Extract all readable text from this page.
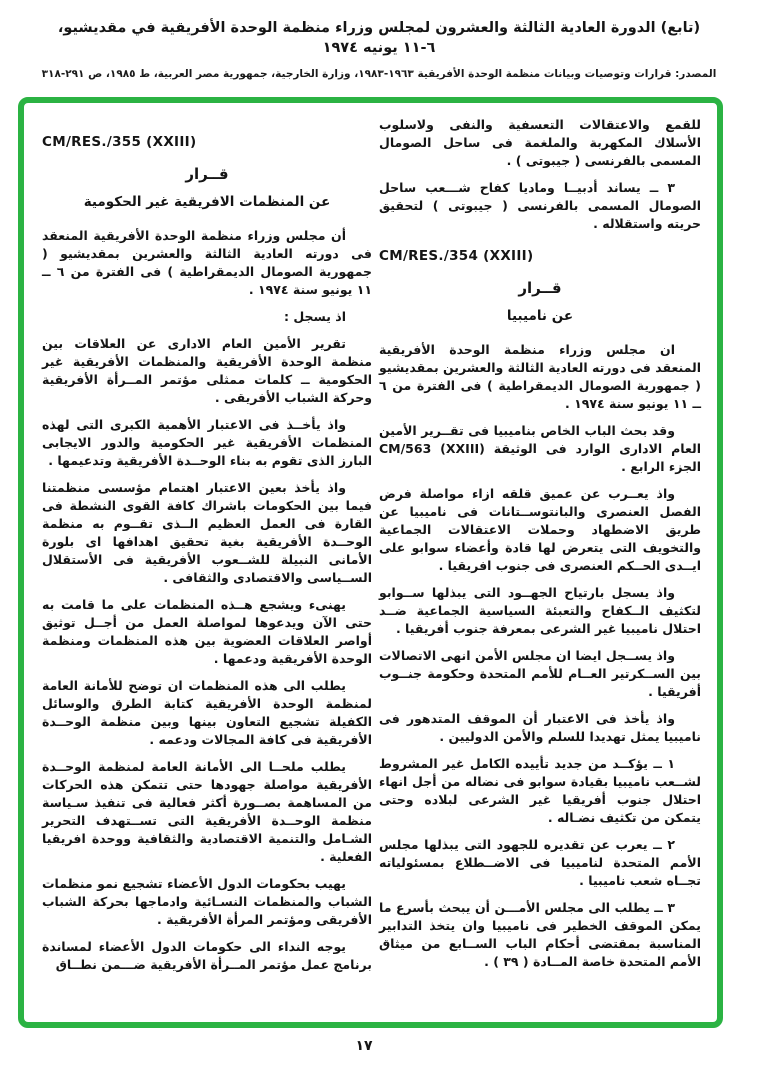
(تابع) الدورة العادية الثالثة والعشرون لمجلس وزراء منظمة الوحدة الأفريقية في مقديشيو، ٦-١١ يونيه ١٩٧٤
المصدر: قرارات وتوصيات وبيانات منظمة الوحدة الأفريقية ١٩٦٣-١٩٨٣، وزارة الخارجية، جمهورية مصر العربية، ط ١٩٨٥، ص ٢٩١-٣١٨

للقمع والاعتقالات التعسفية والنفى ولاسلوب الأسلاك المكهربة والملغمة فى ساحل الصومال المسمى بالفرنسى ( جيبوتى ) .

٣ ــ يساند أدبيــا وماديا كفاح شـــعب ساحل الصومال المسمى بالفرنسى ( جيبوتى ) لتحقيق حريته واستقلاله .

CM/RES./354 (XXIII)
قــرار
عن ناميبيا

ان مجلس وزراء منظمة الوحدة الأفريقية المنعقد فى دورته العادية الثالثة والعشرين بمقديشيو ( جمهورية الصومال الديمقراطية ) فى الفترة من ٦ ــ ١١ يونيو سنة ١٩٧٤ .

وقد بحث الباب الخاص بناميبيا فى تقــرير الأمين العام الادارى الوارد فى الوثيقة CM/563 (XXIII) الجزء الرابع .

واذ يعــرب عن عميق قلقه ازاء مواصلة فرض الفصل العنصرى والبانتوســتانات فى ناميبيا عن طريق الاضطهاد وحملات الاعتقالات الجماعية والتخويف التى يتعرض لها قادة وأعضاء سوابو على ايــدى الحــكم العنصرى فى جنوب افريقيا .

واذ يسجل بارتياح الجهــود التى يبذلها ســوابو لتكثيف الــكفاح والتعبئة السياسية الجماعية ضــد احتلال ناميبيا غير الشرعى بمعرفة جنوب أفريقيا .

واذ يســجل ايضا ان مجلس الأمن انهى الاتصالات بين الســكرتير العــام للأمم المتحدة وحكومة جنــوب أفريقيا .

واذ يأخذ فى الاعتبار أن الموقف المتدهور فى ناميبيا يمثل تهديدا للسلم والأمن الدوليين .

١ ــ يؤكــد من جديد تأييده الكامل غير المشروط لشــعب ناميبيا بقيادة سوابو فى نضاله من أجل انهاء احتلال جنوب أفريقيا غير الشرعى لبلاده وحتى يتمكن من تكثيف نضـاله .

٢ ــ يعرب عن تقديره للجهود التى يبذلها مجلس الأمم المتحدة لناميبيا فى الاضــطلاع بمسئولياته تجــاه شعب ناميبيا .

٣ ــ يطلب الى مجلس الأمـــن أن يبحث بأسرع ما يمكن الموقف الخطير فى ناميبيا وان يتخذ التدابير المناسبة بمقتضى أحكام الباب الســابع من ميثاق الأمم المتحدة خاصة المــادة ( ٣٩ ) .

CM/RES./355 (XXIII)
قــرار
عن المنظمات الافريقية غير الحكومية

أن مجلس وزراء منظمة الوحدة الأفريقية المنعقد فى دورته العادية الثالثة والعشرين بمقديشيو ( جمهورية الصومال الديمقراطية ) فى الفترة من ٦ ــ ١١ يونيو سنة ١٩٧٤ .

اذ يسجل :

تقرير الأمين العام الادارى عن العلاقات بين منظمة الوحدة الأفريقية والمنظمات الأفريقية غير الحكومية ــ كلمات ممثلى مؤتمر المــرأة الأفريقية وحركة الشباب الأفريقى .

واذ يأخــذ فى الاعتبار الأهمية الكبرى التى لهذه المنظمات الأفريقية غير الحكومية والدور الايجابى البارز الذى تقوم به بناء الوحــدة الأفريقية وتدعيمها .

واذ يأخذ بعين الاعتبار اهتمام مؤسسى منظمتنا فيما بين الحكومات باشراك كافة القوى النشطة فى القارة فى العمل العظيم الــذى تقــوم به منظمة الوحــدة الأفريقية بغية تحقيق اهدافها اى بلورة الأمانى النبيلة للشــعوب الأفريقية فى الأستقلال الســياسى والاقتصادى والثقافى .

يهنىء ويشجع هــذه المنظمات على ما قامت به حتى الآن ويدعوها لمواصلة العمل من أجــل توثيق أواصر العلاقات العضوية بين هذه المنظمات ومنظمة الوحدة الأفريقية ودعمها .

يطلب الى هذه المنظمات ان توضح للأمانة العامة لمنظمة الوحدة الأفريقية كتابة الطرق والوسائل الكفيلة تشجيع التعاون بينها وبين منظمة الوحــدة الأفريقية فى كافة المجالات ودعمه .

يطلب ملحــا الى الأمانة العامة لمنظمة الوحــدة الأفريقية مواصلة جهودها حتى تتمكن هذه الحركات من المساهمة بصــورة أكثر فعالية فى تنفيذ سـياسة منظمة الوحــدة الأفريقية التى تســتهدف التحرير الشـامل والتنمية الاقتصادية والثقافية ووحدة افريقيا الفعلية .

يهيب بحكومات الدول الأعضاء تشجيع نمو منظمات الشباب والمنظمات النسـائية وادماجها بحركة الشباب الأفريقى ومؤتمر المرأة الأفريقية .

يوجه النداء الى حكومات الدول الأعضاء لمساندة برنامج عمل مؤتمر المــرأة الأفريقية ضـــمن نطــاق

١٧
